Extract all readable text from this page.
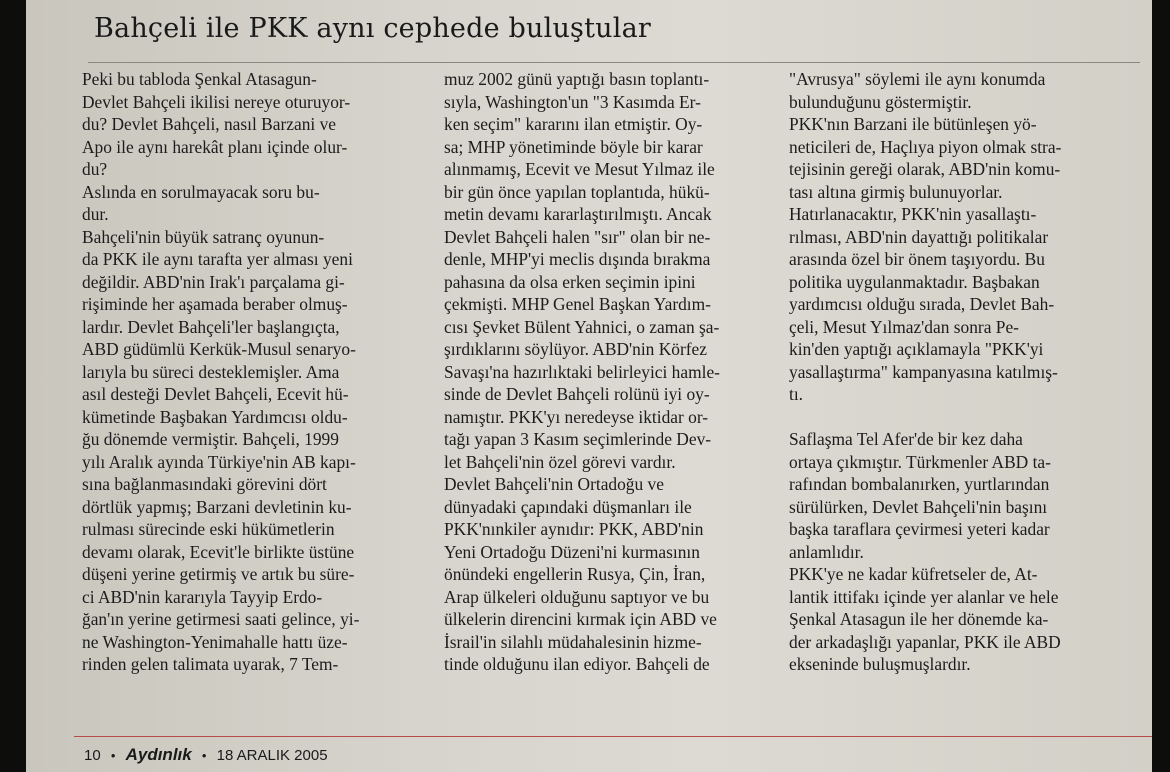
Bahçeli ile PKK aynı cephede buluştular
Peki bu tabloda Şenkal Atasagun-
Devlet Bahçeli ikilisi nereye oturuyor-
du? Devlet Bahçeli, nasıl Barzani ve
Apo ile aynı harekât planı içinde olur-
du?
Aslında en sorulmayacak soru bu-
dur.
Bahçeli'nin büyük satranç oyunun-
da PKK ile aynı tarafta yer alması yeni
değildir. ABD'nin Irak'ı parçalama gi-
rişiminde her aşamada beraber olmuş-
lardır. Devlet Bahçeli'ler başlangıçta,
ABD güdümlü Kerkük-Musul senaryo-
larıyla bu süreci desteklemişler. Ama
asıl desteği Devlet Bahçeli, Ecevit hü-
kümetinde Başbakan Yardımcısı oldu-
ğu dönemde vermiştir. Bahçeli, 1999
yılı Aralık ayında Türkiye'nin AB kapı-
sına bağlanmasındaki görevini dört
dörtlük yapmış; Barzani devletinin ku-
rulması sürecinde eski hükümetlerin
devamı olarak, Ecevit'le birlikte üstüne
düşeni yerine getirmiş ve artık bu süre-
ci ABD'nin kararıyla Tayyip Erdo-
ğan'ın yerine getirmesi saati gelince, yi-
ne Washington-Yenimahalle hattı üze-
rinden gelen talimata uyarak, 7 Tem-
muz 2002 günü yaptığı basın toplantı-
sıyla, Washington'un "3 Kasımda Er-
ken seçim" kararını ilan etmiştir. Oy-
sa; MHP yönetiminde böyle bir karar
alınmamış, Ecevit ve Mesut Yılmaz ile
bir gün önce yapılan toplantıda, hükü-
metin devamı kararlaştırılmıştı. Ancak
Devlet Bahçeli halen "sır" olan bir ne-
denle, MHP'yi meclis dışında bırakma
pahasına da olsa erken seçimin ipini
çekmişti. MHP Genel Başkan Yardım-
cısı Şevket Bülent Yahnici, o zaman şa-
şırdıklarını söylüyor. ABD'nin Körfez
Savaşı'na hazırlıktaki belirleyici hamle-
sinde de Devlet Bahçeli rolünü iyi oy-
namıştır. PKK'yı neredeyse iktidar or-
tağı yapan 3 Kasım seçimlerinde Dev-
let Bahçeli'nin özel görevi vardır.
Devlet Bahçeli'nin Ortadoğu ve
dünyadaki çapındaki düşmanları ile
PKK'nınkiler aynıdır: PKK, ABD'nin
Yeni Ortadoğu Düzeni'ni kurmasının
önündeki engellerin Rusya, Çin, İran,
Arap ülkeleri olduğunu saptıyor ve bu
ülkelerin direncini kırmak için ABD ve
İsrail'in silahlı müdahalesinin hizme-
tinde olduğunu ilan ediyor. Bahçeli de
"Avrusya" söylemi ile aynı konumda
bulunduğunu göstermiştir.
PKK'nın Barzani ile bütünleşen yö-
neticileri de, Haçlıya piyon olmak stra-
tejisinin gereği olarak, ABD'nin komu-
tası altına girmiş bulunuyorlar.
Hatırlanacaktır, PKK'nin yasallaştı-
rılması, ABD'nin dayattığı politikalar
arasında özel bir önem taşıyordu. Bu
politika uygulanmaktadır. Başbakan
yardımcısı olduğu sırada, Devlet Bah-
çeli, Mesut Yılmaz'dan sonra Pe-
kin'den yaptığı açıklamayla "PKK'yi
yasallaştırma" kampanyasına katılmış-
tı.
Saflaşma Tel Afer'de bir kez daha
ortaya çıkmıştır. Türkmenler ABD ta-
rafından bombalanırken, yurtlarından
sürülürken, Devlet Bahçeli'nin başını
başka taraflara çevirmesi yeteri kadar
anlamlıdır.
PKK'ye ne kadar küfretseler de, At-
lantik ittifakı içinde yer alanlar ve hele
Şenkal Atasagun ile her dönemde ka-
der arkadaşlığı yapanlar, PKK ile ABD
ekseninde buluşmuşlardır.
10 • Aydınlık • 18 ARALIK 2005
